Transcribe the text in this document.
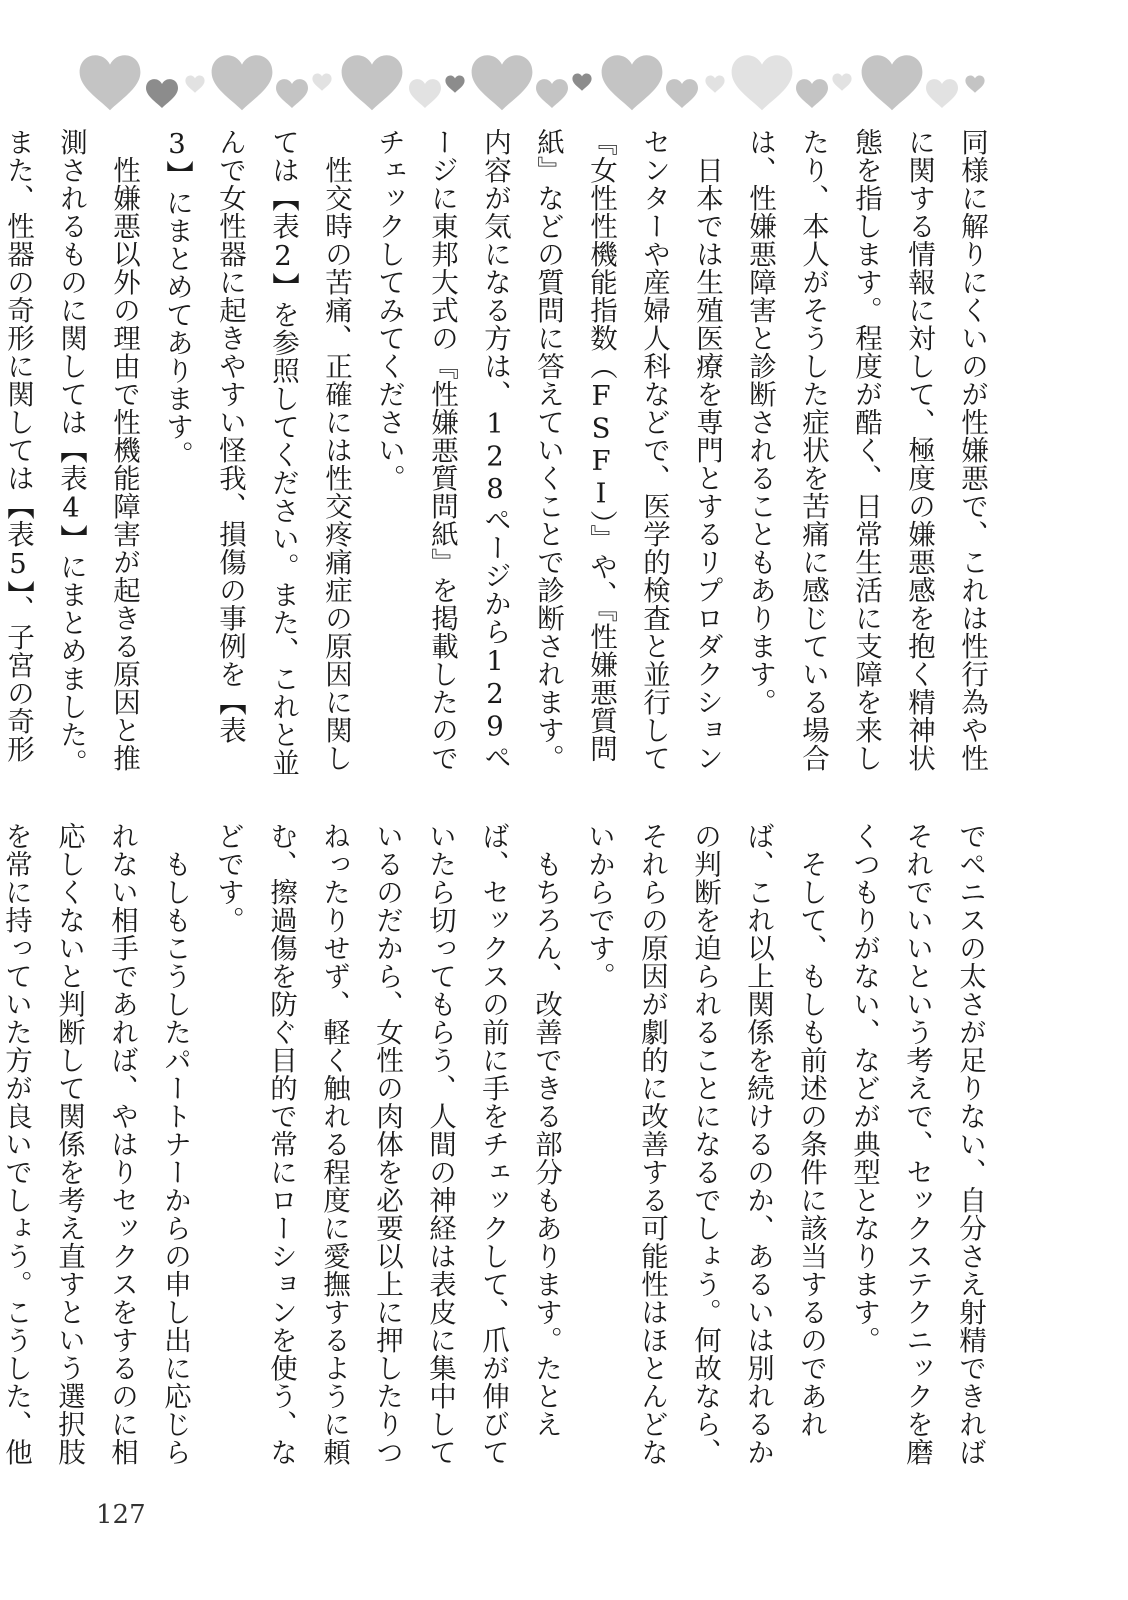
同様に解りにくいのが性嫌悪で、これは性行為や性に関する情報に対して、極度の嫌悪感を抱く精神状態を指します。程度が酷く、日常生活に支障を来したり、本人がそうした症状を苦痛に感じている場合は、性嫌悪障害と診断されることもあります。

日本では生殖医療を専門とするリプロダクションセンターや産婦人科などで、医学的検査と並行して『女性性機能指数（FSFI）』や、『性嫌悪質問紙』などの質問に答えていくことで診断されます。内容が気になる方は、128ページから129ページに東邦大式の『性嫌悪質問紙』を掲載したのでチェックしてみてください。

性交時の苦痛、正確には性交疼痛症の原因に関しては【表2】を参照してください。また、これと並んで女性器に起きやすい怪我、損傷の事例を【表3】にまとめてあります。

性嫌悪以外の理由で性機能障害が起きる原因と推測されるものに関しては【表4】にまとめました。また、性器の奇形に関しては【表5】、子宮の奇形

でペニスの太さが足りない、自分さえ射精できればそれでいいという考えで、セックステクニックを磨くつもりがない、などが典型となります。

そして、もしも前述の条件に該当するのであれば、これ以上関係を続けるのか、あるいは別れるかの判断を迫られることになるでしょう。何故なら、それらの原因が劇的に改善する可能性はほとんどないからです。

もちろん、改善できる部分もあります。たとえば、セックスの前に手をチェックして、爪が伸びていたら切ってもらう、人間の神経は表皮に集中しているのだから、女性の肉体を必要以上に押したりつねったりせず、軽く触れる程度に愛撫するように頼む、擦過傷を防ぐ目的で常にローションを使う、などです。

もしもこうしたパートナーからの申し出に応じられない相手であれば、やはりセックスをするのに相応しくないと判断して関係を考え直すという選択肢を常に持っていた方が良いでしょう。こうした、他

127
